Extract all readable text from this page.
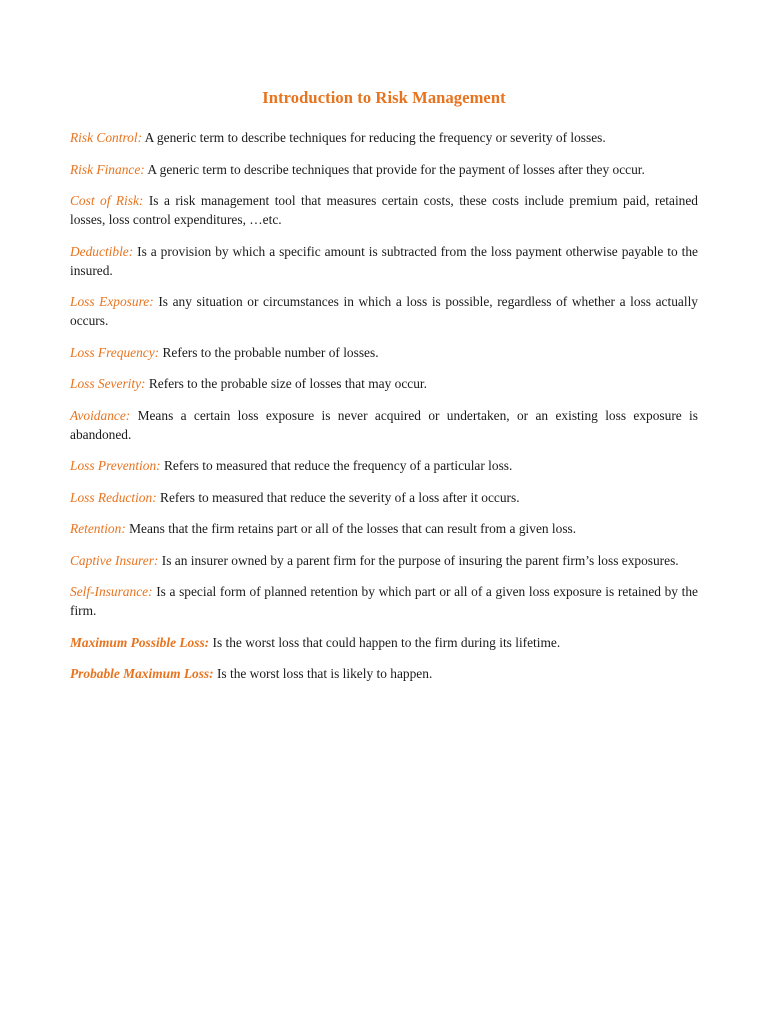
Introduction to Risk Management

Risk Control: A generic term to describe techniques for reducing the frequency or severity of losses.

Risk Finance: A generic term to describe techniques that provide for the payment of losses after they occur.

Cost of Risk: Is a risk management tool that measures certain costs, these costs include premium paid, retained losses, loss control expenditures, …etc.

Deductible: Is a provision by which a specific amount is subtracted from the loss payment otherwise payable to the insured.

Loss Exposure: Is any situation or circumstances in which a loss is possible, regardless of whether a loss actually occurs.

Loss Frequency: Refers to the probable number of losses.

Loss Severity: Refers to the probable size of losses that may occur.

Avoidance: Means a certain loss exposure is never acquired or undertaken, or an existing loss exposure is abandoned.

Loss Prevention: Refers to measured that reduce the frequency of a particular loss.

Loss Reduction: Refers to measured that reduce the severity of a loss after it occurs.

Retention: Means that the firm retains part or all of the losses that can result from a given loss.

Captive Insurer: Is an insurer owned by a parent firm for the purpose of insuring the parent firm’s loss exposures.

Self-Insurance: Is a special form of planned retention by which part or all of a given loss exposure is retained by the firm.

Maximum Possible Loss: Is the worst loss that could happen to the firm during its lifetime.

Probable Maximum Loss: Is the worst loss that is likely to happen.
